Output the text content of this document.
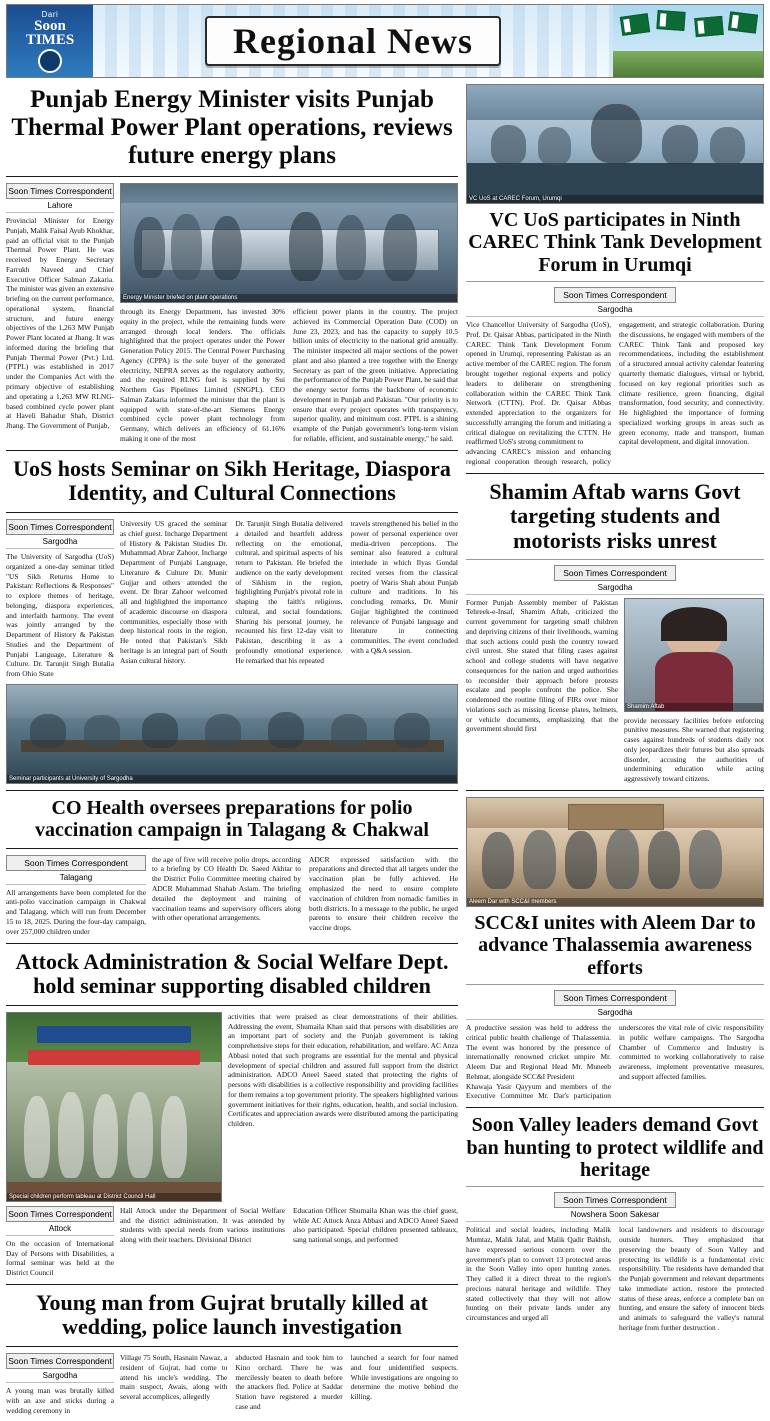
Dari
Soon
TIMES	Regional News
Punjab Energy Minister visits Punjab Thermal Power Plant operations, reviews future energy plans
Soon Times Correspondent
Lahore
Provincial Minister for Energy Punjab, Malik Faisal Ayub Khokhar, paid an official visit to the Punjab Thermal Power Plant. He was received by Energy Secretary Farrukh Naveed and Chief Executive Officer Salman Zakaria. The minister was given an extensive briefing on the current performance, operational system, financial structure, and future energy objectives of the 1,263 MW Punjab Power Plant located at Jhang. It was informed during the briefing that Punjab Thermal Power (Pvt.) Ltd. (PTPL) was established in 2017 under the Companies Act with the primary objective of establishing and operating a 1,263 MW RLNG-based combined cycle power plant at Haveli Bahadur Shah, District Jhang. The Government of Punjab,
Energy Minister briefed on plant operations
through its Energy Department, has invested 30% equity in the project, while the remaining funds were arranged through local lenders. The officials highlighted that the project operates under the Power Generation Policy 2015. The Central Power Purchasing Agency (CPPA) is the sole buyer of the generated electricity, NEPRA serves as the regulatory authority, and the required RLNG fuel is supplied by Sui Northern Gas Pipelines Limited (SNGPL). CEO Salman Zakaria informed the minister that the plant is equipped with state-of-the-art Siemens Energy combined cycle power plant technology from Germany, which delivers an efficiency of 61.16% making it one of the most
efficient power plants in the country. The project achieved its Commercial Operation Date (COD) on June 23, 2023, and has the capacity to supply 10.5 billion units of electricity to the national grid annually. The minister inspected all major sections of the power plant and also planted a tree together with the Energy Secretary as part of the green initiative. Appreciating the performance of the Punjab Power Plant, he said that the energy sector forms the backbone of economic development in Punjab and Pakistan. "Our priority is to ensure that every project operates with transparency, superior quality, and minimum cost. PTPL is a shining example of the Punjab government's long-term vision for reliable, efficient, and sustainable energy," he said.
UoS hosts Seminar on Sikh Heritage, Diaspora Identity, and Cultural Connections
Soon Times Correspondent
Sargodha
The University of Sargodha (UoS) organized a one-day seminar titled "US Sikh Returns Home to Pakistan: Reflections & Responses" to explore themes of heritage, belonging, diaspora experiences, and interfaith harmony. The event was jointly arranged by the Department of History & Pakistan Studies and the Department of Punjabi Language, Literature & Culture. Dr. Tarunjit Singh Butalia from Ohio State
University US graced the seminar as chief guest. Incharge Department of History & Pakistan Studies Dr. Muhammad Abrar Zahoor, Incharge Department of Punjabi Language, Literature & Culture Dr. Munir Gujjar and others attended the event. Dr Ibrar Zahoor welcomed all and highlighted the importance of academic discourse on diaspora communities, especially those with deep historical roots in the region. He noted that Pakistan's Sikh heritage is an integral part of South Asian cultural history.
Dr. Tarunjit Singh Butalia delivered a detailed and heartfelt address reflecting on the emotional, cultural, and spiritual aspects of his return to Pakistan. He briefed the audience on the early development of Sikhism in the region, highlighting Punjab's pivotal role in shaping the faith's religious, cultural, and social foundations. Sharing his personal journey, he recounted his first 12-day visit to Pakistan, describing it as a profoundly emotional experience. He remarked that his repeated
travels strengthened his belief in the power of personal experience over media-driven perceptions. The seminar also featured a cultural interlude in which Ilyas Gondal recited verses from the classical poetry of Waris Shah about Punjab culture and traditions. In his concluding remarks, Dr. Munir Gujjar highlighted the continued relevance of Punjabi language and literature in connecting communities. The event concluded with a Q&A session.
Seminar participants at University of Sargodha
CO Health oversees preparations for polio vaccination campaign in Talagang & Chakwal
Soon Times Correspondent
Talagang
All arrangements have been completed for the anti-polio vaccination campaign in Chakwal and Talagang, which will run from December 15 to 18, 2025. During the four-day campaign, over 257,000 children under
the age of five will receive polio drops, according to a briefing by CO Health Dr. Saeed Akhtar to the District Polio Committee meeting chaired by ADCR Muhammad Shahab Aslam. The briefing detailed the deployment and training of vaccination teams and supervisory officers along with other operational arrangements.
ADCR expressed satisfaction with the preparations and directed that all targets under the vaccination plan be fully achieved. He emphasized the need to ensure complete vaccination of children from nomadic families in both districts. In a message to the public, he urged parents to ensure their children receive the vaccine drops.
Attock Administration & Social Welfare Dept. hold seminar supporting disabled children
Special children perform tableau at District Council Hall
activities that were praised as clear demonstrations of their abilities. Addressing the event, Shumaila Khan said that persons with disabilities are an important part of society and the Punjab government is taking comprehensive steps for their education, rehabilitation, and welfare. AC Anza Abbasi noted that such programs are essential for the mental and physical development of special children and assured full support from the district administration. ADCO Aneel Saeed stated that protecting the rights of persons with disabilities is a collective responsibility and providing facilities for them remains a top government priority. The speakers highlighted various government initiatives for their rights, education, health, and social inclusion. Certificates and appreciation awards were distributed among the participating children.
Soon Times Correspondent
Attock
On the occasion of International Day of Persons with Disabilities, a formal seminar was held at the District Council
Hall Attock under the Department of Social Welfare and the district administration. It was attended by students with special needs from various institutions along with their teachers. Divisional District
Education Officer Shumaila Khan was the chief guest, while AC Attock Anza Abbasi and ADCO Aneel Saeed also participated. Special children presented tableaux, sang national songs, and performed
Young man from Gujrat brutally killed at wedding, police launch investigation
Soon Times Correspondent
Sargodha
A young man was brutally killed with an axe and sticks during a wedding ceremony in
Village 75 South, Hasnain Nawaz, a resident of Gujrat, had come to attend his uncle's wedding. The main suspect, Awais, along with several accomplices, allegedly
abducted Hasnain and took him to Kino orchard. There he was mercilessly beaten to death before the attackers fled. Police at Saddar Station have registered a murder case and
launched a search for four named and four unidentified suspects. While investigations are ongoing to determine the motive behind the killing.
VC UoS at CAREC Forum, Urumqi
VC UoS participates in Ninth CAREC Think Tank Development Forum in Urumqi
Soon Times Correspondent
Sargodha
Vice Chancellor University of Sargodha (UoS), Prof. Dr. Qaisar Abbas, participated in the Ninth CAREC Think Tank Development Forum opened in Urumqi, representing Pakistan as an active member of the CAREC region. The forum brought together regional experts and policy leaders to deliberate on strengthening collaboration within the CAREC Think Tank Network (CTTN). Prof. Dr. Qaisar Abbas extended appreciation to the organizers for successfully arranging the forum and initiating a critical dialogue on revitalizing the CTTN. He reaffirmed UoS's strong commitment to
advancing CAREC's mission and enhancing regional cooperation through research, policy engagement, and strategic collaboration. During the discussions, he engaged with members of the CAREC Think Tank and proposed key recommendations, including the establishment of a structured annual activity calendar featuring quarterly thematic dialogues, virtual or hybrid, focused on key regional priorities such as climate resilience, green financing, digital transformation, food security, and connectivity. He highlighted the importance of forming specialized working groups in areas such as green economy, trade and transport, human capital development, and digital innovation.
Shamim Aftab warns Govt targeting students and motorists risks unrest
Soon Times Correspondent
Sargodha
Former Punjab Assembly member of Pakistan Tehreek-e-Insaf, Shamim Aftab, criticized the current government for targeting small children and depriving citizens of their livelihoods, warning that such actions could push the country toward civil unrest. She stated that filing cases against school and college students will have negative consequences for the nation and urged authorities to reconsider their approach before protests escalate and people confront the police. She condemned the routine filing of FIRs over minor violations such as missing license plates, helmets, or vehicle documents, emphasizing that the government should first
Shamim Aftab
provide necessary facilities before enforcing punitive measures. She warned that registering cases against hundreds of students daily not only jeopardizes their futures but also spreads disorder, accusing the authorities of undermining education while acting aggressively toward citizens.
Aleem Dar with SCC&I members
SCC&I unites with Aleem Dar to advance Thalassemia awareness efforts
Soon Times Correspondent
Sargodha
A productive session was held to address the critical public health challenge of Thalassemia. The event was honored by the presence of internationally renowned cricket umpire Mr. Aleem Dar and Regional Head Mr. Muneeb Rehmat, alongside SCC&I President
Khawaja Yasir Qayyum and members of the Executive Committee Mr. Dar's participation underscores the vital role of civic responsibility in public welfare campaigns. The Sargodha Chamber of Commerce and Industry is committed to working collaboratively to raise awareness, implement preventative measures, and support affected families.
Soon Valley leaders demand Govt ban hunting to protect wildlife and heritage
Soon Times Correspondent
Nowshera Soon Sakesar
Political and social leaders, including Malik Mumtaz, Malik Jalal, and Malik Qadir Bakhsh, have expressed serious concern over the government's plan to convert 13 protected areas in the Soon Valley into open hunting zones. They called it a direct threat to the region's precious natural heritage and wildlife. They stated collectively that they will not allow hunting on their private lands under any circumstances and urged all
local landowners and residents to discourage outside hunters. They emphasized that preserving the beauty of Soon Valley and protecting its wildlife is a fundamental civic responsibility. The residents have demanded that the Punjab government and relevant departments take immediate action, restore the protected status of these areas, enforce a complete ban on hunting, and ensure the safety of innocent birds and animals to safeguard the valley's natural heritage from further destruction .
